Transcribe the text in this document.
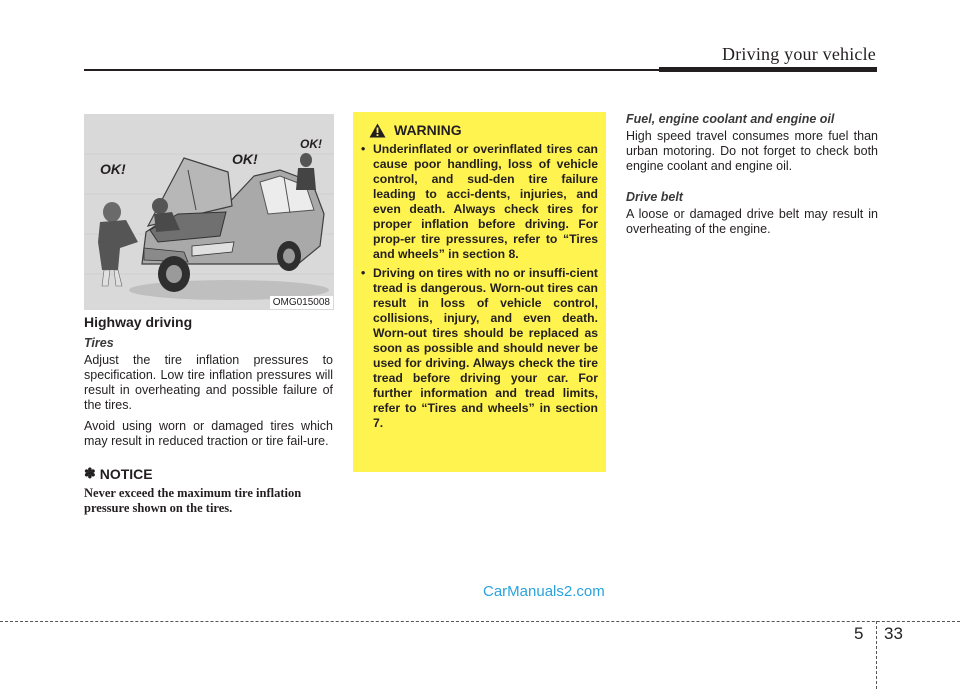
Driving your vehicle
OK!
OK!
OK!
OMG015008
Highway driving
Tires
Adjust the tire inflation pressures to specification. Low tire inflation pressures will result in overheating and possible failure of the tires.
Avoid using worn or damaged tires which may result in reduced traction or tire fail-ure.
✽ NOTICE
Never exceed the maximum tire inflation pressure shown on the tires.
WARNING
• Underinflated or overinflated tires can cause poor handling, loss of vehicle control, and sud-den tire failure leading to acci-dents, injuries, and even death. Always check tires for proper inflation before driving. For prop-er tire pressures, refer to “Tires and wheels” in section 8.
• Driving on tires with no or insuffi-cient tread is dangerous. Worn-out tires can result in loss of vehicle control, collisions, injury, and even death. Worn-out tires should be replaced as soon as possible and should never be used for driving. Always check the tire tread before driving your car. For further information and tread limits, refer to “Tires and wheels” in section 7.
Fuel, engine coolant and engine oil
High speed travel consumes more fuel than urban motoring. Do not forget to check both engine coolant and engine oil.
Drive belt
A loose or damaged drive belt may result in overheating of the engine.
CarManuals2.com
5 33
